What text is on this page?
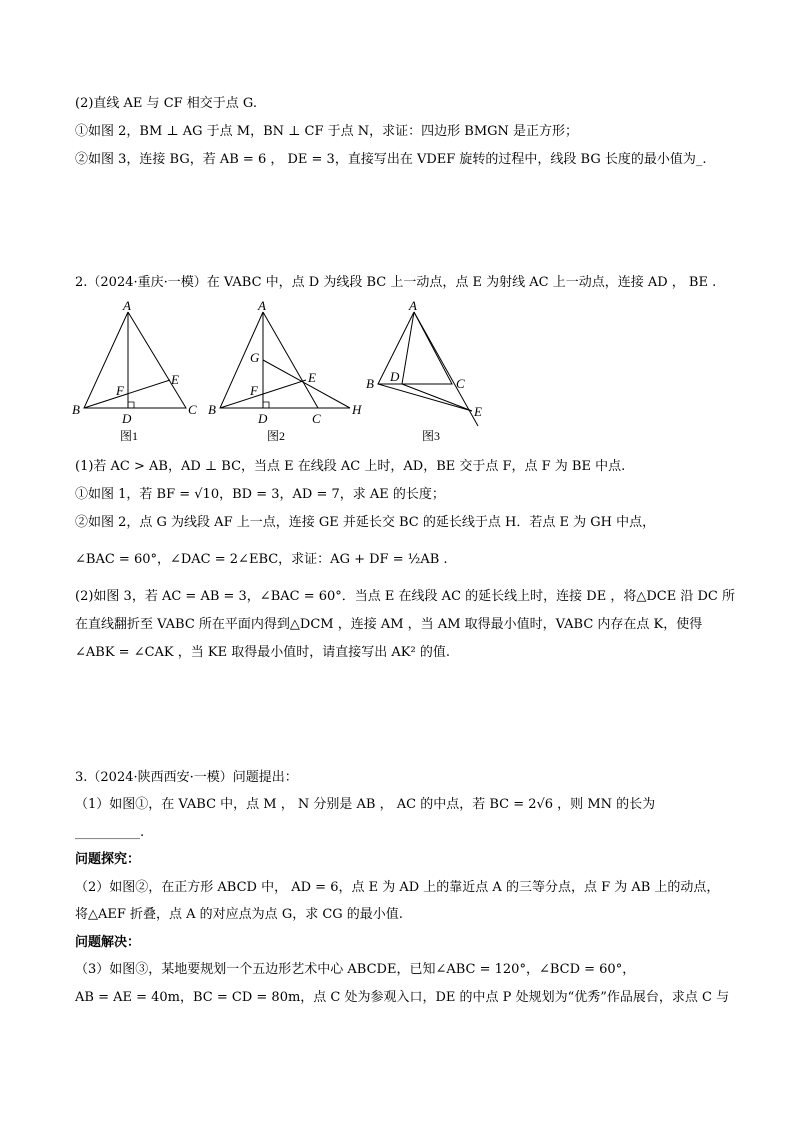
(2)直线 AE 与 CF 相交于点 G.
①如图 2，BM ⊥ AG 于点 M，BN ⊥ CF 于点 N，求证：四边形 BMGN 是正方形；
②如图 3，连接 BG，若 AB = 6 ， DE = 3，直接写出在 VDEF 旋转的过程中，线段 BG 长度的最小值为_.
2.（2024·重庆·一模）在 VABC 中，点 D 为线段 BC 上一动点，点 E 为射线 AC 上一动点，连接 AD ， BE .
(1)若 AC > AB，AD ⊥ BC，当点 E 在线段 AC 上时，AD，BE 交于点 F，点 F 为 BE 中点.
①如图 1，若 BF = √10，BD = 3，AD = 7，求 AE 的长度；
②如图 2，点 G 为线段 AF 上一点，连接 GE 并延长交 BC 的延长线于点 H．若点 E 为 GH 中点，
∠BAC = 60°，∠DAC = 2∠EBC，求证：AG + DF = ½AB .
(2)如图 3，若 AC = AB = 3，∠BAC = 60°．当点 E 在线段 AC 的延长线上时，连接 DE ，将△DCE 沿 DC 所
在直线翻折至 VABC 所在平面内得到△DCM ，连接 AM ，当 AM 取得最小值时，VABC 内存在点 K，使得
∠ABK = ∠CAK ，当 KE 取得最小值时，请直接写出 AK² 的值.
3.（2024·陕西西安·一模）问题提出：
（1）如图①，在 VABC 中，点 M ， N 分别是 AB ， AC 的中点，若 BC = 2√6 ，则 MN 的长为
__________.
问题探究：
（2）如图②，在正方形 ABCD 中， AD = 6，点 E 为 AD 上的靠近点 A 的三等分点，点 F 为 AB 上的动点，
将△AEF 折叠，点 A 的对应点为点 G，求 CG 的最小值.
问题解决：
（3）如图③，某地要规划一个五边形艺术中心 ABCDE，已知∠ABC = 120°，∠BCD = 60°，
AB = AE = 40m，BC = CD = 80m，点 C 处为参观入口，DE 的中点 P 处规划为“优秀”作品展台，求点 C 与
A
B	C
D
E
F
图1
A
B
C
D
E
F
G
H
图2
A
B	C
D
E
图3
